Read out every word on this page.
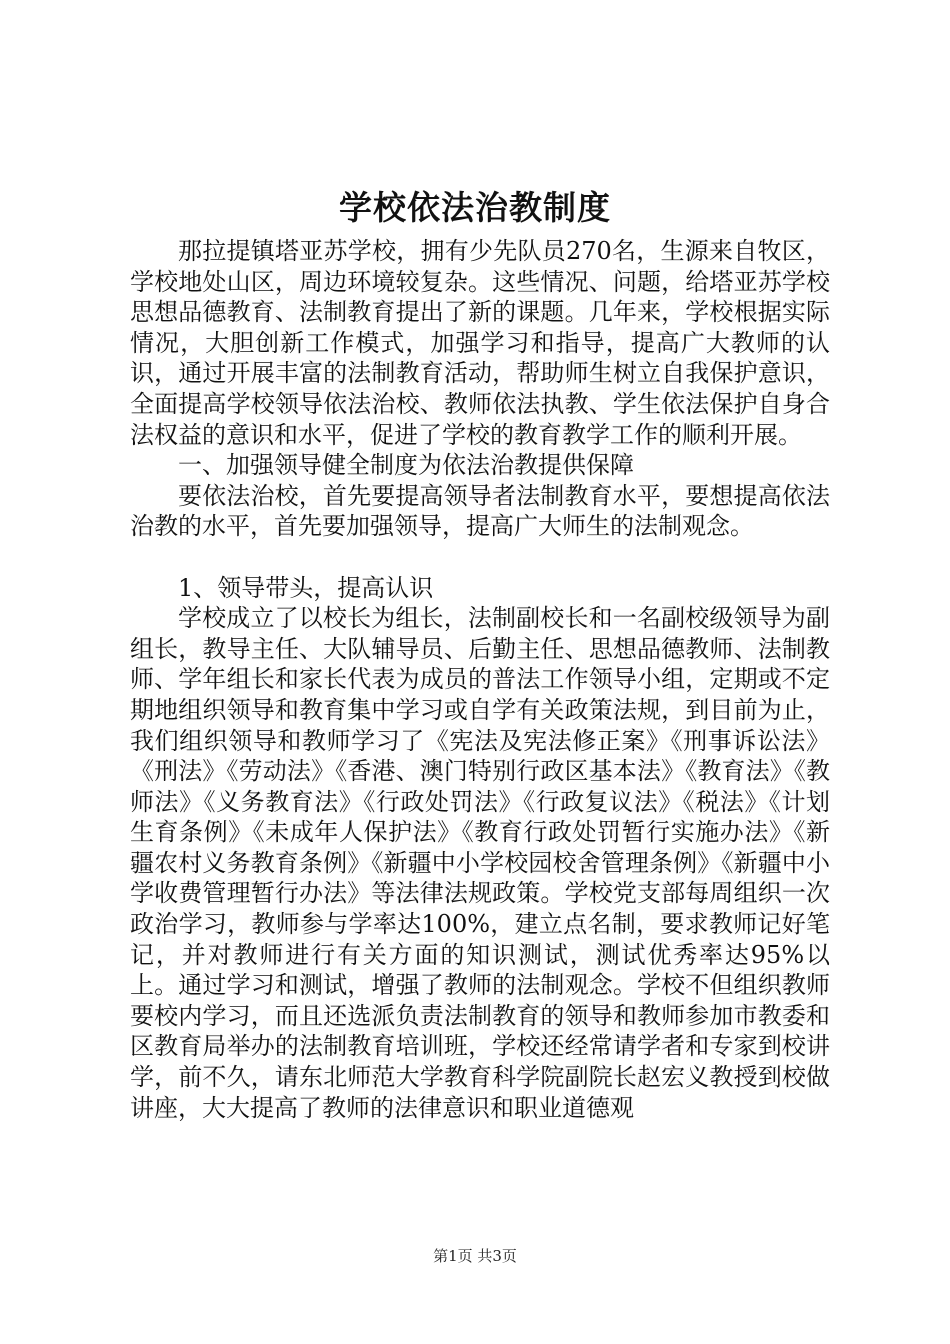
学校依法治教制度

那拉提镇塔亚苏学校，拥有少先队员270名，生源来自牧区，学校地处山区，周边环境较复杂。这些情况、问题，给塔亚苏学校思想品德教育、法制教育提出了新的课题。几年来，学校根据实际情况，大胆创新工作模式，加强学习和指导，提高广大教师的认识，通过开展丰富的法制教育活动，帮助师生树立自我保护意识，全面提高学校领导依法治校、教师依法执教、学生依法保护自身合法权益的意识和水平，促进了学校的教育教学工作的顺利开展。

一、加强领导健全制度为依法治教提供保障

要依法治校，首先要提高领导者法制教育水平，要想提高依法治教的水平，首先要加强领导，提高广大师生的法制观念。

1、领导带头，提高认识

学校成立了以校长为组长，法制副校长和一名副校级领导为副组长，教导主任、大队辅导员、后勤主任、思想品德教师、法制教师、学年组长和家长代表为成员的普法工作领导小组，定期或不定期地组织领导和教育集中学习或自学有关政策法规，到目前为止，我们组织领导和教师学习了《宪法及宪法修正案》《刑事诉讼法》《刑法》《劳动法》《香港、澳门特别行政区基本法》《教育法》《教师法》《义务教育法》《行政处罚法》《行政复议法》《税法》《计划生育条例》《未成年人保护法》《教育行政处罚暂行实施办法》《新疆农村义务教育条例》《新疆中小学校园校舍管理条例》《新疆中小学收费管理暂行办法》等法律法规政策。学校党支部每周组织一次政治学习，教师参与学率达100%，建立点名制，要求教师记好笔记，并对教师进行有关方面的知识测试，测试优秀率达95%以上。通过学习和测试，增强了教师的法制观念。学校不但组织教师要校内学习，而且还选派负责法制教育的领导和教师参加市教委和区教育局举办的法制教育培训班，学校还经常请学者和专家到校讲学，前不久，请东北师范大学教育科学院副院长赵宏义教授到校做讲座，大大提高了教师的法律意识和职业道德观

第1页 共3页
